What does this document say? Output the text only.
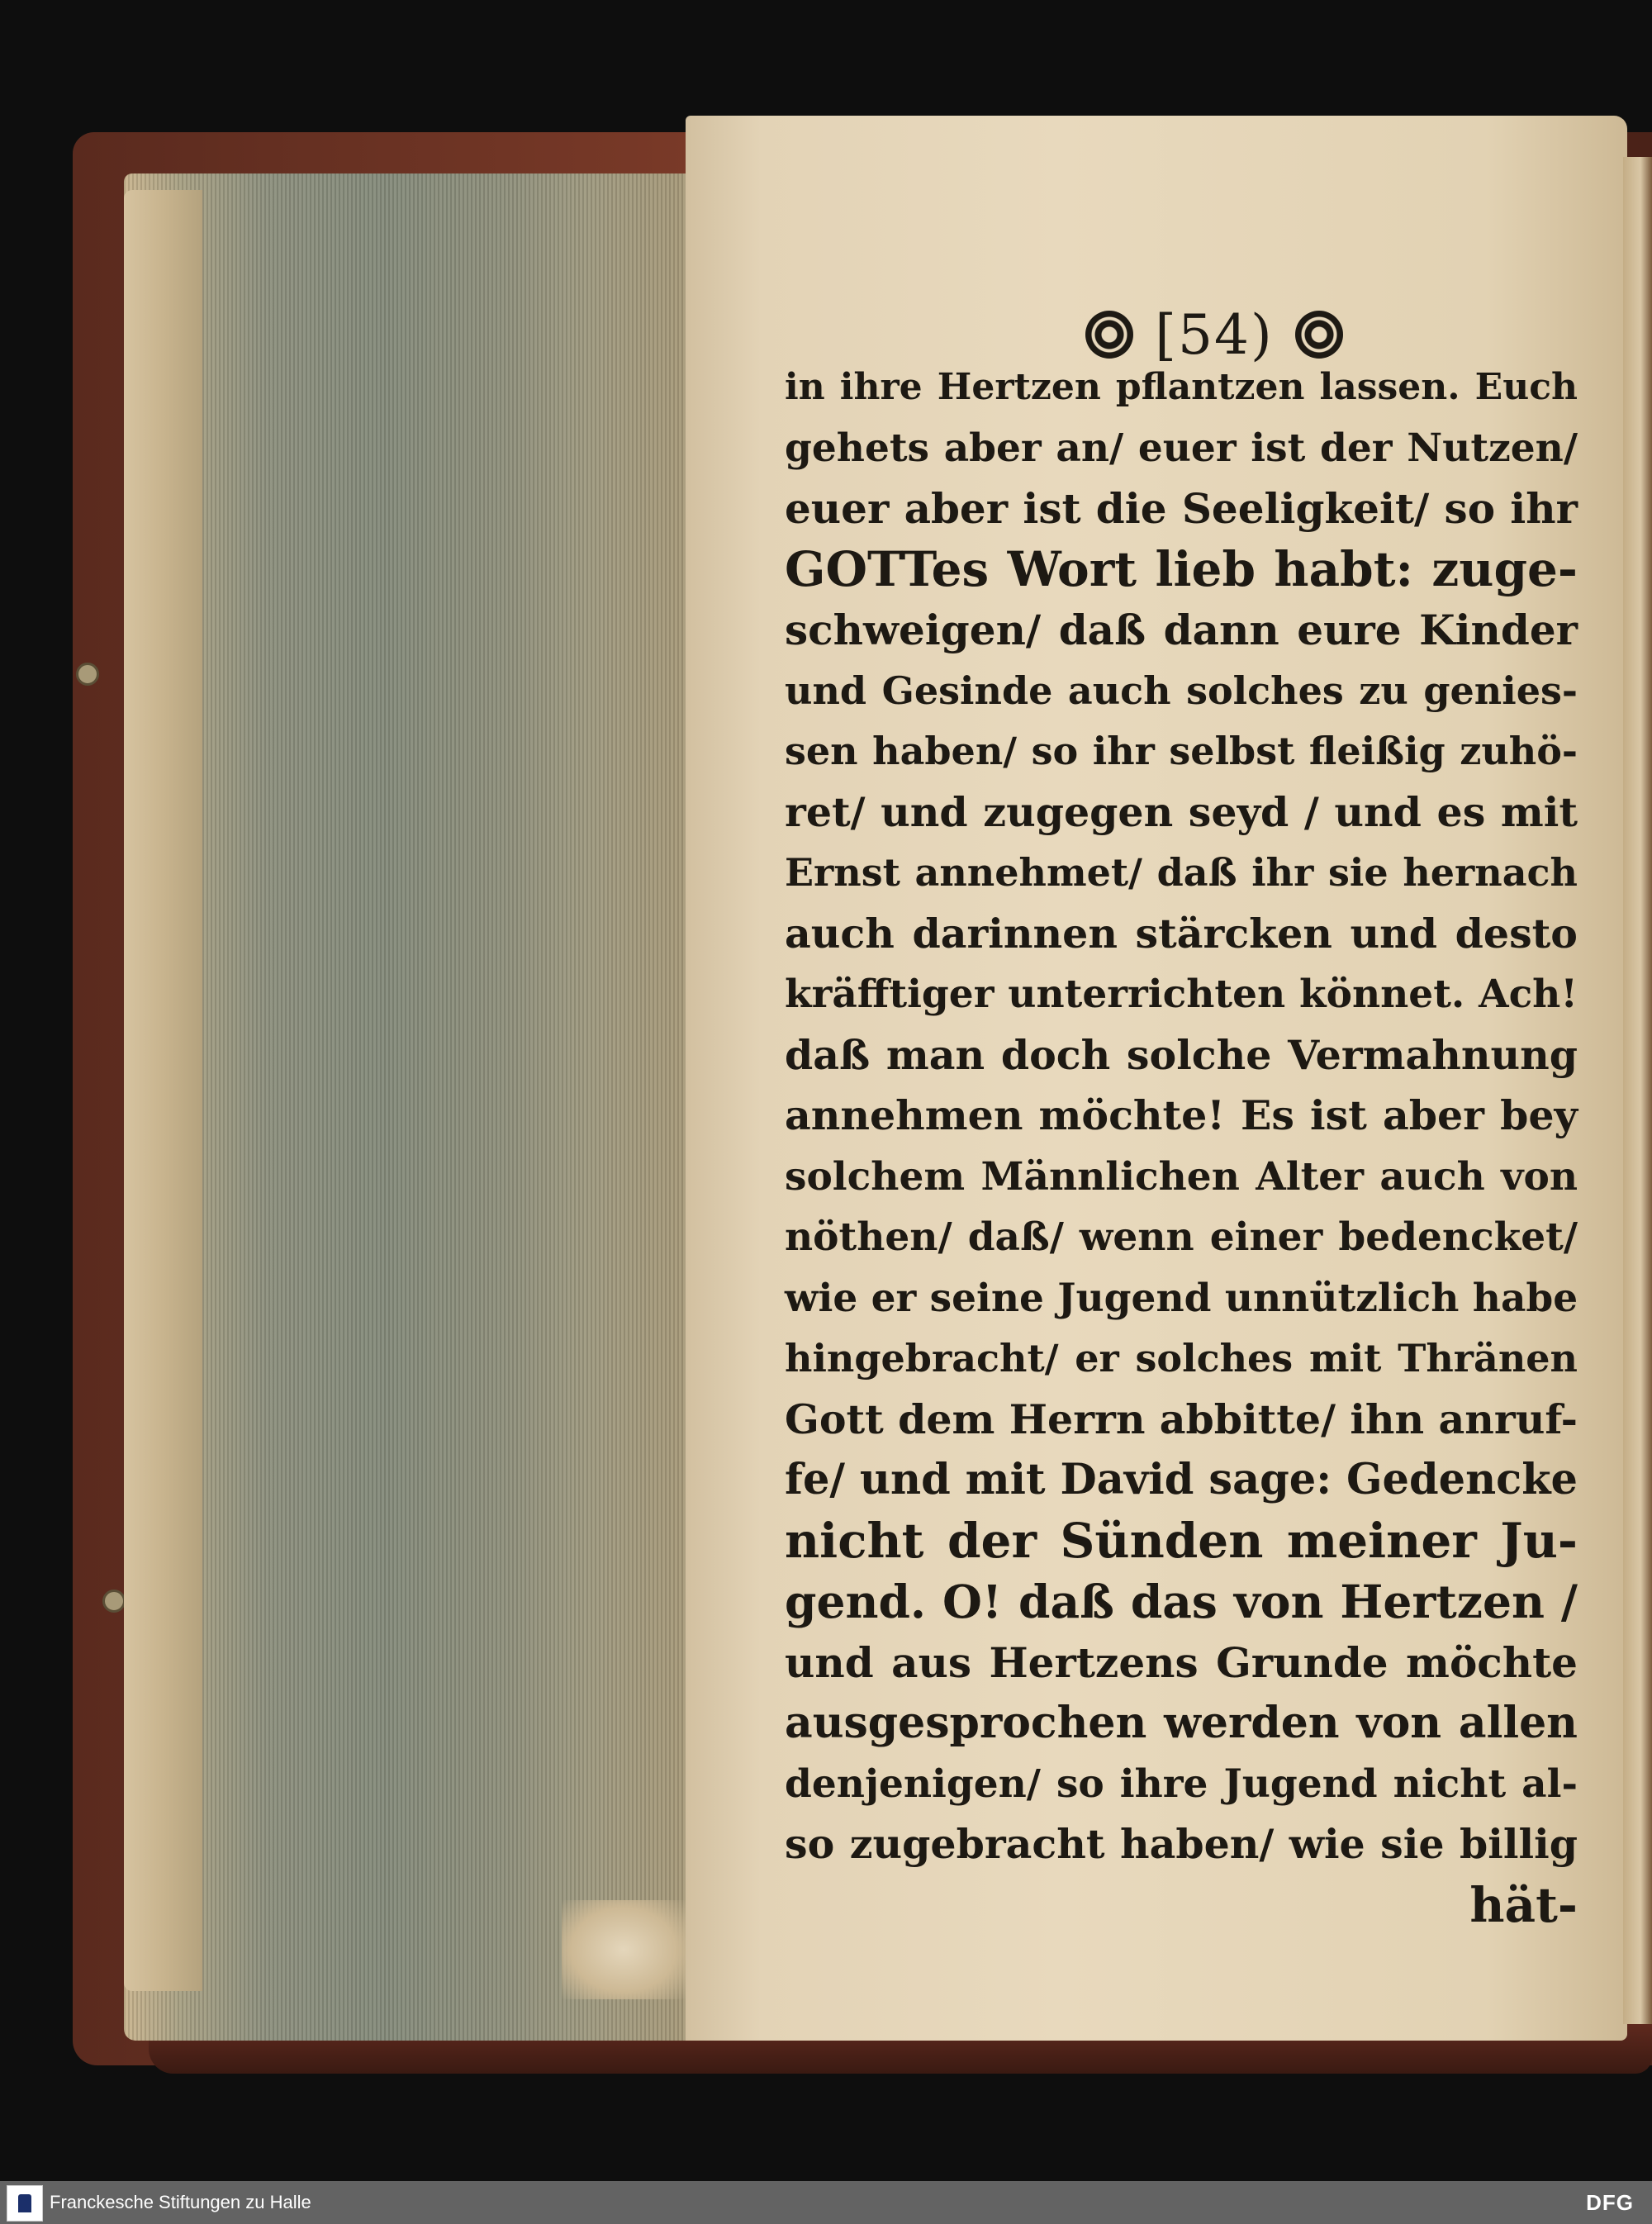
[54)
in ihre Hertzen pflantzen lassen. Euch
gehets aber an/ euer ist der Nutzen/
euer aber ist die Seeligkeit/ so ihr
GOTTes Wort lieb habt: zuge-
schweigen/ daß dann eure Kinder
und Gesinde auch solches zu genies-
sen haben/ so ihr selbst fleißig zuhö-
ret/ und zugegen seyd / und es mit
Ernst annehmet/ daß ihr sie hernach
auch darinnen stärcken und desto
kräfftiger unterrichten könnet. Ach!
daß man doch solche Vermahnung
annehmen möchte! Es ist aber bey
solchem Männlichen Alter auch von
nöthen/ daß/ wenn einer bedencket/
wie er seine Jugend unnützlich habe
hingebracht/ er solches mit Thränen
Gott dem Herrn abbitte/ ihn anruf-
fe/ und mit David sage: Gedencke
nicht der Sünden meiner Ju-
gend. O! daß das von Hertzen /
und aus Hertzens Grunde möchte
ausgesprochen werden von allen
denjenigen/ so ihre Jugend nicht al-
so zugebracht haben/ wie sie billig
hät-
Franckesche Stiftungen zu Halle	DFG
